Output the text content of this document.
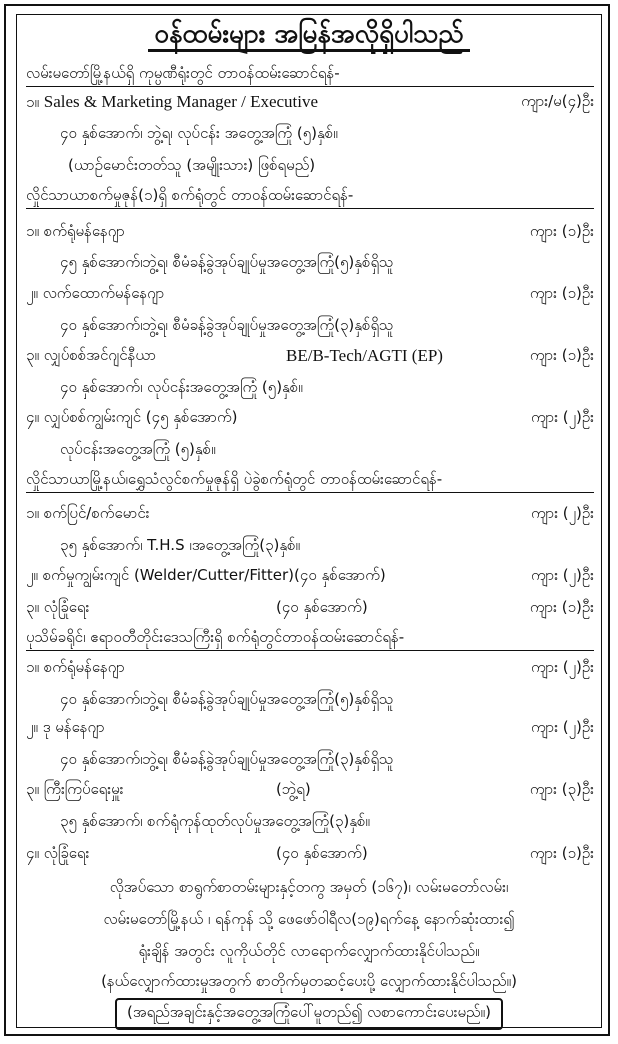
ဝန်ထမ်းများ အမြန်အလိုရှိပါသည်
လမ်းမတော်မြို့နယ်ရှိ ကုမ္ပဏီရုံးတွင် တာဝန်ထမ်းဆောင်ရန်-
၁။ Sales & Marketing Manager / Executive	ကျား/မ(၄)ဦး
၄၀ နှစ်အောက်၊ ဘွဲ့ရ၊ လုပ်ငန်း အတွေ့အကြုံ (၅)နှစ်။
(ယာဉ်မောင်းတတ်သူ (အမျိုးသား) ဖြစ်ရမည်)
လှိုင်သာယာစက်မှုဇုန်(၁)ရှိ စက်ရုံတွင် တာဝန်ထမ်းဆောင်ရန်-
၁။ စက်ရုံမန်နေဂျာ	ကျား (၁)ဦး
၄၅ နှစ်အောက်၊ဘွဲ့ရ၊ စီမံခန့်ခွဲအုပ်ချုပ်မှုအတွေ့အကြုံ(၅)နှစ်ရှိသူ
၂။ လက်ထောက်မန်နေဂျာ	ကျား (၁)ဦး
၄၀ နှစ်အောက်၊ဘွဲ့ရ၊ စီမံခန့်ခွဲအုပ်ချုပ်မှုအတွေ့အကြုံ(၃)နှစ်ရှိသူ
၃။ လျှပ်စစ်အင်ဂျင်နီယာ	BE/B-Tech/AGTI (EP)	ကျား (၁)ဦး
၄၀ နှစ်အောက်၊ လုပ်ငန်းအတွေ့အကြုံ (၅)နှစ်။
၄။ လျှပ်စစ်ကျွမ်းကျင် (၄၅ နှစ်အောက်)	ကျား (၂)ဦး
လုပ်ငန်းအတွေ့အကြုံ (၅)နှစ်။
လှိုင်သာယာမြို့နယ်၊ရွှေသံလွင်စက်မှုဇုန်ရှိ ပဲခွဲစက်ရုံတွင် တာဝန်ထမ်းဆောင်ရန်-
၁။ စက်ပြင်/စက်မောင်း	ကျား (၂)ဦး
၃၅ နှစ်အောက်၊ T.H.S ၊အတွေ့အကြုံ(၃)နှစ်။
၂။ စက်မှုကျွမ်းကျင် (Welder/Cutter/Fitter)(၄၀ နှစ်အောက်)	ကျား (၂)ဦး
၃။ လုံခြုံရေး	(၄၀ နှစ်အောက်)	ကျား (၁)ဦး
ပုသိမ်ခရိုင်၊ ဧရာဝတီတိုင်းဒေသကြီးရှိ စက်ရုံတွင်တာဝန်ထမ်းဆောင်ရန်-
၁။ စက်ရုံမန်နေဂျာ	ကျား (၂)ဦး
၄၀ နှစ်အောက်၊ဘွဲ့ရ၊ စီမံခန့်ခွဲအုပ်ချုပ်မှုအတွေ့အကြုံ(၅)နှစ်ရှိသူ
၂။ ဒု မန်နေဂျာ	ကျား (၂)ဦး
၄၀ နှစ်အောက်၊ဘွဲ့ရ၊ စီမံခန့်ခွဲအုပ်ချုပ်မှုအတွေ့အကြုံ(၃)နှစ်ရှိသူ
၃။ ကြီးကြပ်ရေးမှူး	(ဘွဲ့ရ)	ကျား (၃)ဦး
၃၅ နှစ်အောက်၊ စက်ရုံကုန်ထုတ်လုပ်မှုအတွေ့အကြုံ(၃)နှစ်။
၄။ လုံခြုံရေး	(၄၀ နှစ်အောက်)	ကျား (၁)ဦး
လိုအပ်သော စာရွက်စာတမ်းများနှင့်တကွ အမှတ် (၁၆၇)၊ လမ်းမတော်လမ်း၊
လမ်းမတော်မြို့နယ် ၊ ရန်ကုန် သို့ ဖေဖော်ဝါရီလ(၁၉)ရက်နေ့ နောက်ဆုံးထား၍
ရုံးချိန် အတွင်း လူကိုယ်တိုင် လာရောက်လျှောက်ထားနိုင်ပါသည်။
(နယ်လျှောက်ထားမှုအတွက် စာတိုက်မှတဆင့်ပေးပို့ လျှောက်ထားနိုင်ပါသည်။)
(အရည်အချင်းနှင့်အတွေ့အကြုံပေါ်မူတည်၍ လစာကောင်းပေးမည်။)
